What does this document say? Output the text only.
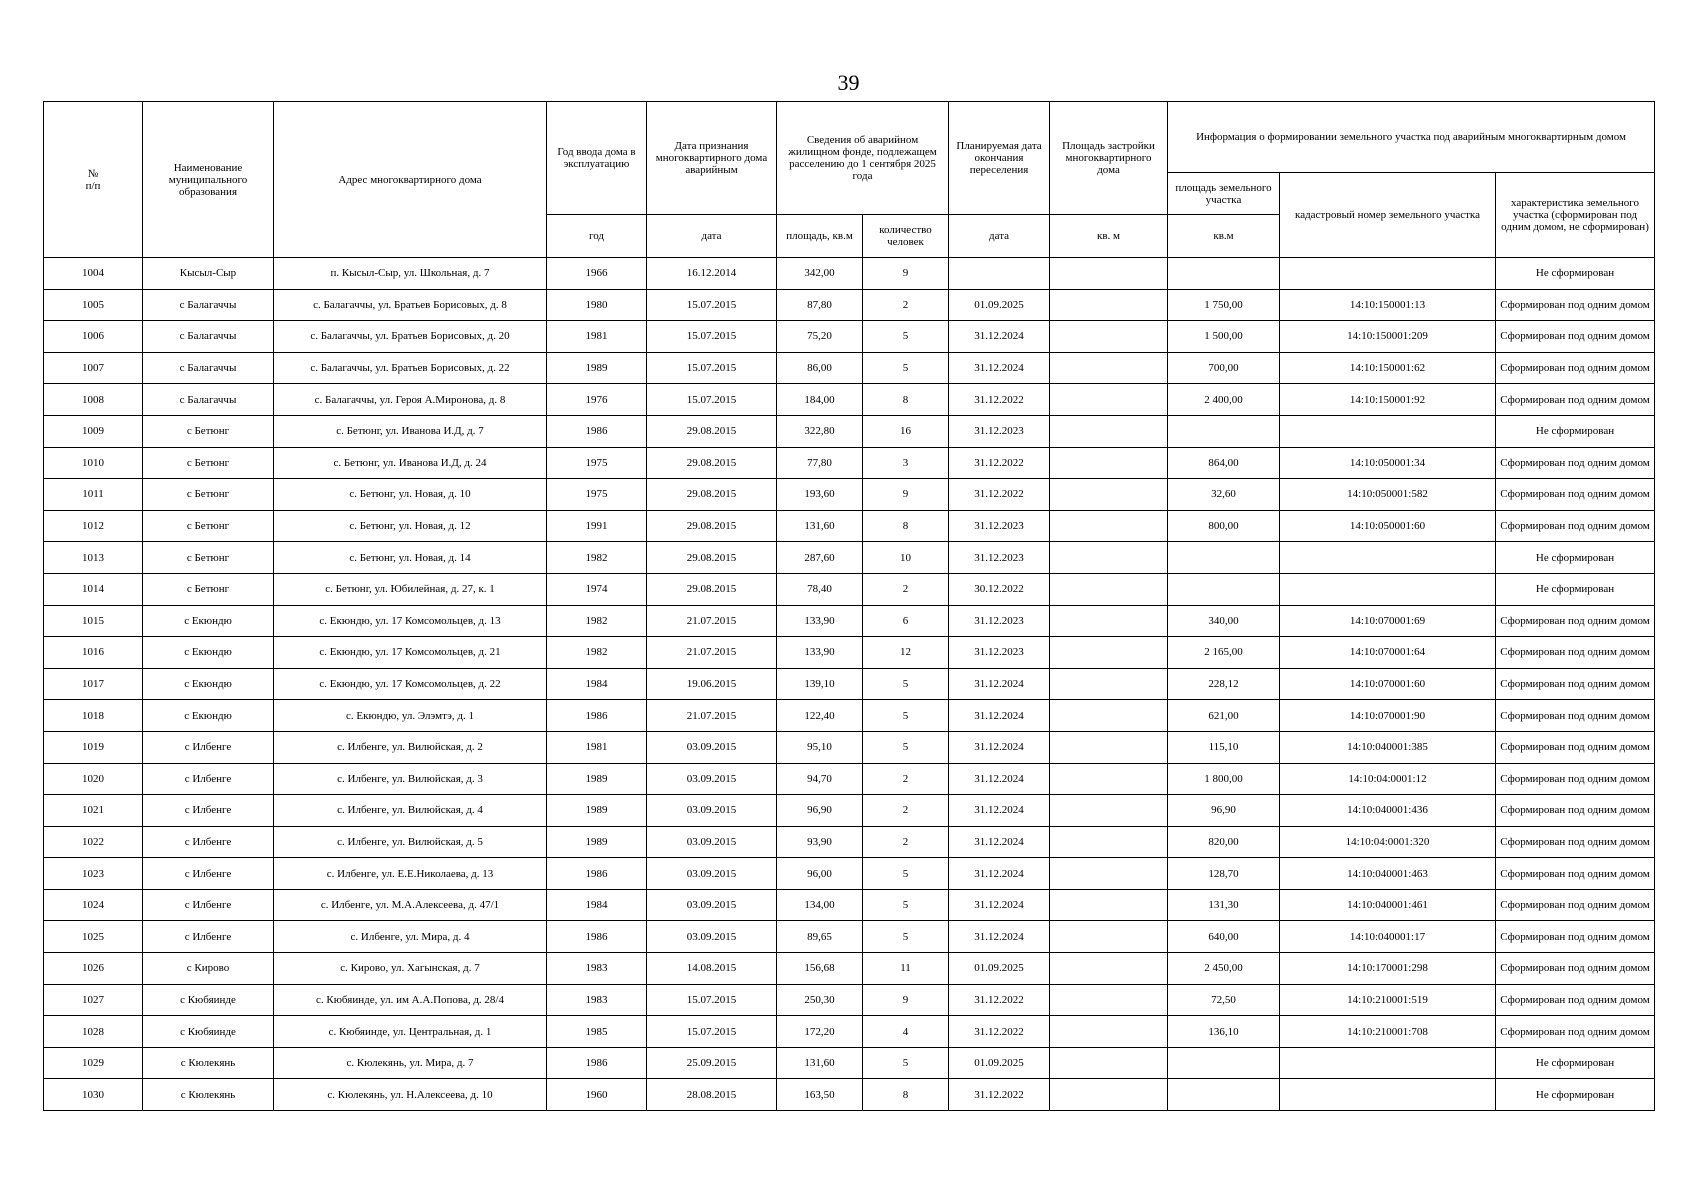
39
№
п/п	Наименование муниципального образования	Адрес многоквартирного дома	Год ввода дома в эксплуатацию	Дата признания многоквартирного дома аварийным	Сведения об аварийном жилищном фонде, подлежащем расселению до 1 сентября 2025 года		Планируемая дата окончания переселения	Площадь застройки многоквартирного дома	Информация о формировании земельного участка под аварийным многоквартирным домом		
									площадь земельного участка	кадастровый номер земельного участка	характеристика земельного участка (сформирован под одним домом, не сформирован)
			год	дата	площадь, кв.м	количество человек	дата	кв. м	кв.м		
1004	Кысыл-Сыр	п. Кысыл-Сыр, ул. Школьная, д. 7	1966	16.12.2014	342,00	9					Не сформирован
1005	с Балагаччы	с. Балагаччы, ул. Братьев Борисовых, д. 8	1980	15.07.2015	87,80	2	01.09.2025		1 750,00	14:10:150001:13	Сформирован под одним домом
1006	с Балагаччы	с. Балагаччы, ул. Братьев Борисовых, д. 20	1981	15.07.2015	75,20	5	31.12.2024		1 500,00	14:10:150001:209	Сформирован под одним домом
1007	с Балагаччы	с. Балагаччы, ул. Братьев Борисовых, д. 22	1989	15.07.2015	86,00	5	31.12.2024		700,00	14:10:150001:62	Сформирован под одним домом
1008	с Балагаччы	с. Балагаччы, ул. Героя А.Миронова, д. 8	1976	15.07.2015	184,00	8	31.12.2022		2 400,00	14:10:150001:92	Сформирован под одним домом
1009	с Бетюнг	с. Бетюнг, ул. Иванова И.Д, д. 7	1986	29.08.2015	322,80	16	31.12.2023				Не сформирован
1010	с Бетюнг	с. Бетюнг, ул. Иванова И.Д, д. 24	1975	29.08.2015	77,80	3	31.12.2022		864,00	14:10:050001:34	Сформирован под одним домом
1011	с Бетюнг	с. Бетюнг, ул. Новая, д. 10	1975	29.08.2015	193,60	9	31.12.2022		32,60	14:10:050001:582	Сформирован под одним домом
1012	с Бетюнг	с. Бетюнг, ул. Новая, д. 12	1991	29.08.2015	131,60	8	31.12.2023		800,00	14:10:050001:60	Сформирован под одним домом
1013	с Бетюнг	с. Бетюнг, ул. Новая, д. 14	1982	29.08.2015	287,60	10	31.12.2023				Не сформирован
1014	с Бетюнг	с. Бетюнг, ул. Юбилейная, д. 27, к. 1	1974	29.08.2015	78,40	2	30.12.2022				Не сформирован
1015	с Екюндю	с. Екюндю, ул. 17 Комсомольцев, д. 13	1982	21.07.2015	133,90	6	31.12.2023		340,00	14:10:070001:69	Сформирован под одним домом
1016	с Екюндю	с. Екюндю, ул. 17 Комсомольцев, д. 21	1982	21.07.2015	133,90	12	31.12.2023		2 165,00	14:10:070001:64	Сформирован под одним домом
1017	с Екюндю	с. Екюндю, ул. 17 Комсомольцев, д. 22	1984	19.06.2015	139,10	5	31.12.2024		228,12	14:10:070001:60	Сформирован под одним домом
1018	с Екюндю	с. Екюндю, ул. Элэмтэ, д. 1	1986	21.07.2015	122,40	5	31.12.2024		621,00	14:10:070001:90	Сформирован под одним домом
1019	с Илбенге	с. Илбенге, ул. Вилюйская, д. 2	1981	03.09.2015	95,10	5	31.12.2024		115,10	14:10:040001:385	Сформирован под одним домом
1020	с Илбенге	с. Илбенге, ул. Вилюйская, д. 3	1989	03.09.2015	94,70	2	31.12.2024		1 800,00	14:10:04:0001:12	Сформирован под одним домом
1021	с Илбенге	с. Илбенге, ул. Вилюйская, д. 4	1989	03.09.2015	96,90	2	31.12.2024		96,90	14:10:040001:436	Сформирован под одним домом
1022	с Илбенге	с. Илбенге, ул. Вилюйская, д. 5	1989	03.09.2015	93,90	2	31.12.2024		820,00	14:10:04:0001:320	Сформирован под одним домом
1023	с Илбенге	с. Илбенге, ул. Е.Е.Николаева, д. 13	1986	03.09.2015	96,00	5	31.12.2024		128,70	14:10:040001:463	Сформирован под одним домом
1024	с Илбенге	с. Илбенге, ул. М.А.Алексеева, д. 47/1	1984	03.09.2015	134,00	5	31.12.2024		131,30	14:10:040001:461	Сформирован под одним домом
1025	с Илбенге	с. Илбенге, ул. Мира, д. 4	1986	03.09.2015	89,65	5	31.12.2024		640,00	14:10:040001:17	Сформирован под одним домом
1026	с Кирово	с. Кирово, ул. Хагынская, д. 7	1983	14.08.2015	156,68	11	01.09.2025		2 450,00	14:10:170001:298	Сформирован под одним домом
1027	с Кюбяинде	с. Кюбяинде, ул. им А.А.Попова, д. 28/4	1983	15.07.2015	250,30	9	31.12.2022		72,50	14:10:210001:519	Сформирован под одним домом
1028	с Кюбяинде	с. Кюбяинде, ул. Центральная, д. 1	1985	15.07.2015	172,20	4	31.12.2022		136,10	14:10:210001:708	Сформирован под одним домом
1029	с Кюлекянь	с. Кюлекянь, ул. Мира, д. 7	1986	25.09.2015	131,60	5	01.09.2025				Не сформирован
1030	с Кюлекянь	с. Кюлекянь, ул. Н.Алексеева, д. 10	1960	28.08.2015	163,50	8	31.12.2022				Не сформирован
